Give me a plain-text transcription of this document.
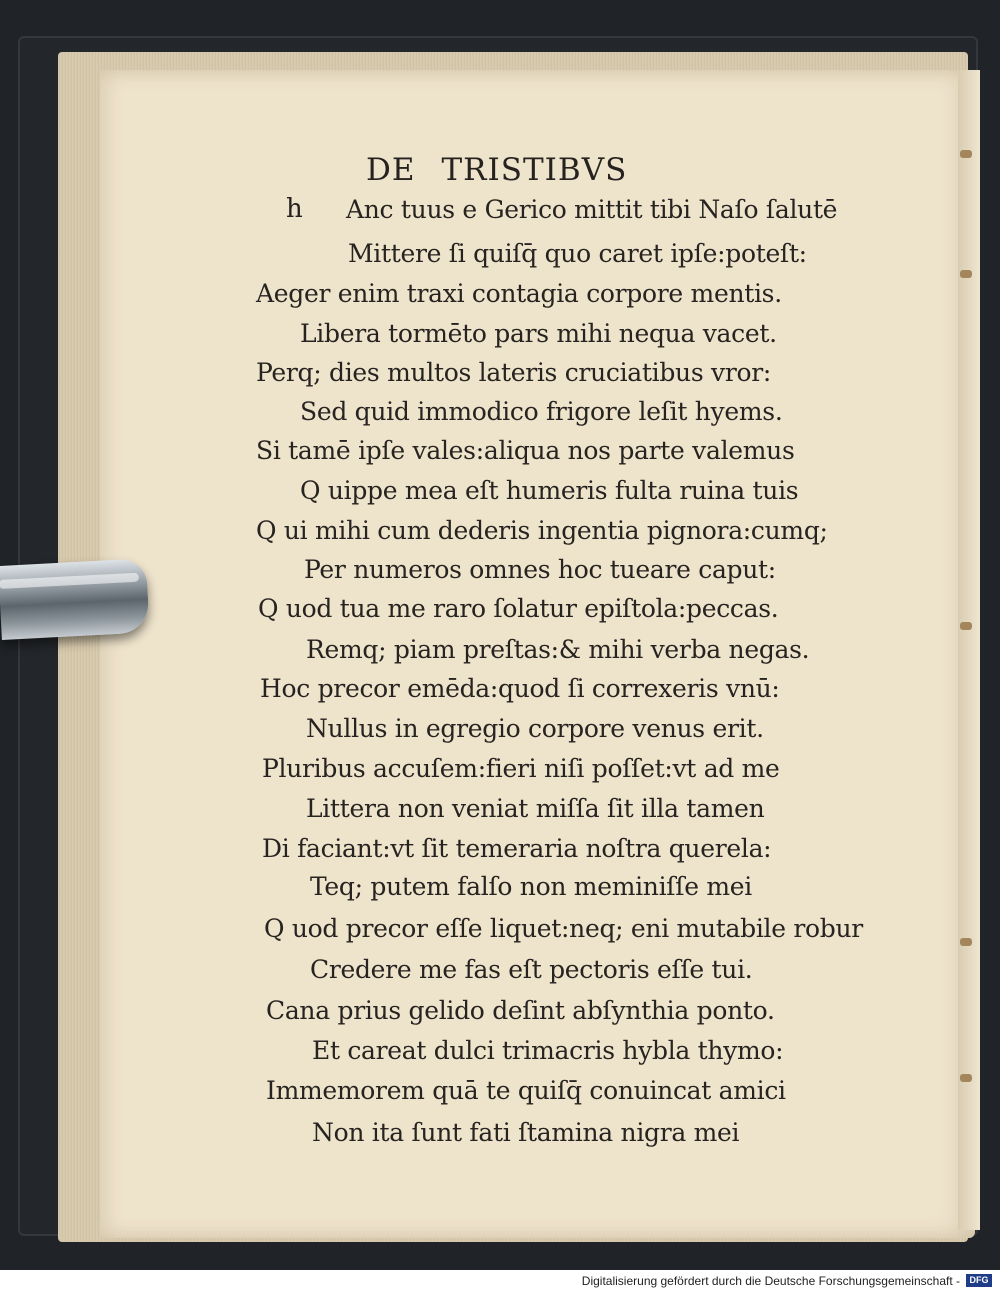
DE TRISTIBVS
h Anc tuus e Gerico mittit tibi Naſo ſalutē
Mittere ſi quiſq̄ quo caret ipſe:poteſt:
Aeger enim traxi contagia corpore mentis.
Libera tormēto pars mihi nequa vacet.
Perq; dies multos lateris cruciatibus vror:
Sed quid immodico frigore leſit hyems.
Si tamē ipſe vales:aliqua nos parte valemus
Q uippe mea eſt humeris fulta ruina tuis
Q ui mihi cum dederis ingentia pignora:cumq;
Per numeros omnes hoc tueare caput:
Q uod tua me raro ſolatur epiſtola:peccas.
Remq; piam preſtas:& mihi verba negas.
Hoc precor emēda:quod ſi correxeris vnū:
Nullus in egregio corpore venus erit.
Pluribus accuſem:fieri niſi poſſet:vt ad me
Littera non veniat miſſa ſit illa tamen
Di faciant:vt ſit temeraria noſtra querela:
Teq; putem falſo non meminiſſe mei
Q uod precor eſſe liquet:neq; eni mutabile robur
Credere me fas eſt pectoris eſſe tui.
Cana prius gelido deſint abſynthia ponto.
Et careat dulci trimacris hybla thymo:
Immemorem quā te quiſq̄ conuincat amici
Non ita ſunt fati ſtamina nigra mei
Digitalisierung gefördert durch die Deutsche Forschungsgemeinschaft -	DFG
